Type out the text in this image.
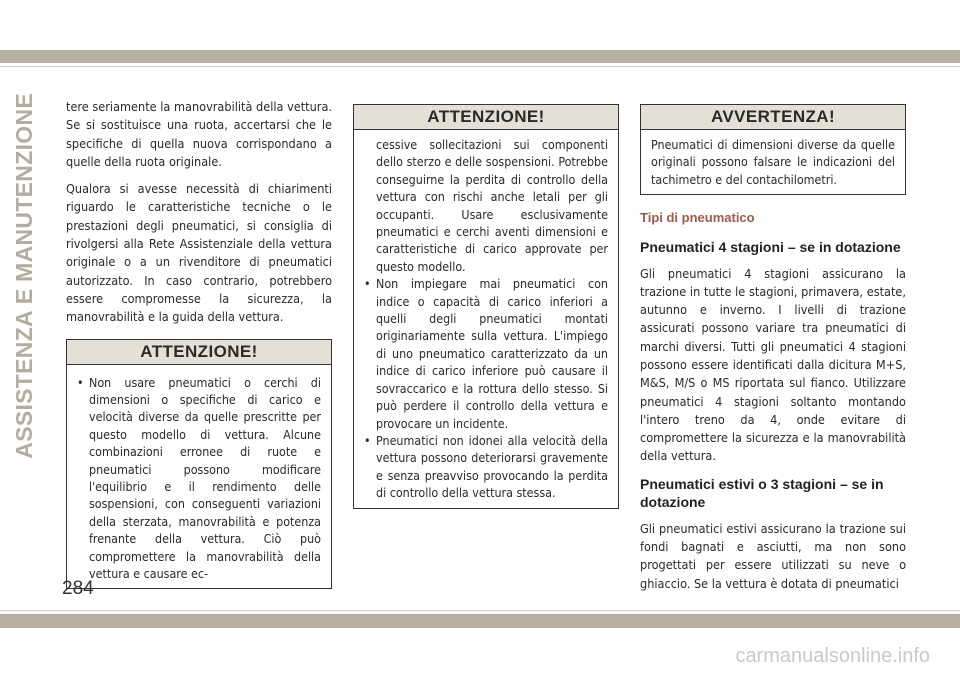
ASSISTENZA E MANUTENZIONE tere seriamente la manovrabilità della vettura. Se si sostituisce una ruota, accertarsi che le specifiche di quella nuova corrispondano a quelle della ruota originale.

Qualora si avesse necessità di chiarimenti riguardo le caratteristiche tecniche o le prestazioni degli pneumatici, si consiglia di rivolgersi alla Rete Assistenziale della vettura originale o a un rivenditore di pneumatici autorizzato. In caso contrario, potrebbero essere compromesse la sicurezza, la manovrabilità e la guida della vettura.

ATTENZIONE!
• Non usare pneumatici o cerchi di dimensioni o specifiche di carico e velocità diverse da quelle prescritte per questo modello di vettura. Alcune combinazioni erronee di ruote e pneumatici possono modificare l'equilibrio e il rendimento delle sospensioni, con conseguenti variazioni della sterzata, manovrabilità e potenza frenante della vettura. Ciò può compromettere la manovrabilità della vettura e causare ec-
ATTENZIONE!
cessive sollecitazioni sui componenti dello sterzo e delle sospensioni. Potrebbe conseguirne la perdita di controllo della vettura con rischi anche letali per gli occupanti. Usare esclusivamente pneumatici e cerchi aventi dimensioni e caratteristiche di carico approvate per questo modello.
• Non impiegare mai pneumatici con indice o capacità di carico inferiori a quelli degli pneumatici montati originariamente sulla vettura. L'impiego di uno pneumatico caratterizzato da un indice di carico inferiore può causare il sovraccarico e la rottura dello stesso. Si può perdere il controllo della vettura e provocare un incidente.
• Pneumatici non idonei alla velocità della vettura possono deteriorarsi gravemente e senza preavviso provocando la perdita di controllo della vettura stessa.
AVVERTENZA!
Pneumatici di dimensioni diverse da quelle originali possono falsare le indicazioni del tachimetro e del contachilometri.
Tipi di pneumatico
Pneumatici 4 stagioni – se in dotazione

Gli pneumatici 4 stagioni assicurano la trazione in tutte le stagioni, primavera, estate, autunno e inverno. I livelli di trazione assicurati possono variare tra pneumatici di marchi diversi. Tutti gli pneumatici 4 stagioni possono essere identificati dalla dicitura M+S, M&S, M/S o MS riportata sul fianco. Utilizzare pneumatici 4 stagioni soltanto montando l'intero treno da 4, onde evitare di compromettere la sicurezza e la manovrabilità della vettura.

Pneumatici estivi o 3 stagioni – se in dotazione

Gli pneumatici estivi assicurano la trazione sui fondi bagnati e asciutti, ma non sono progettati per essere utilizzati su neve o ghiaccio. Se la vettura è dotata di pneumatici

284
carmanualsonline.info
